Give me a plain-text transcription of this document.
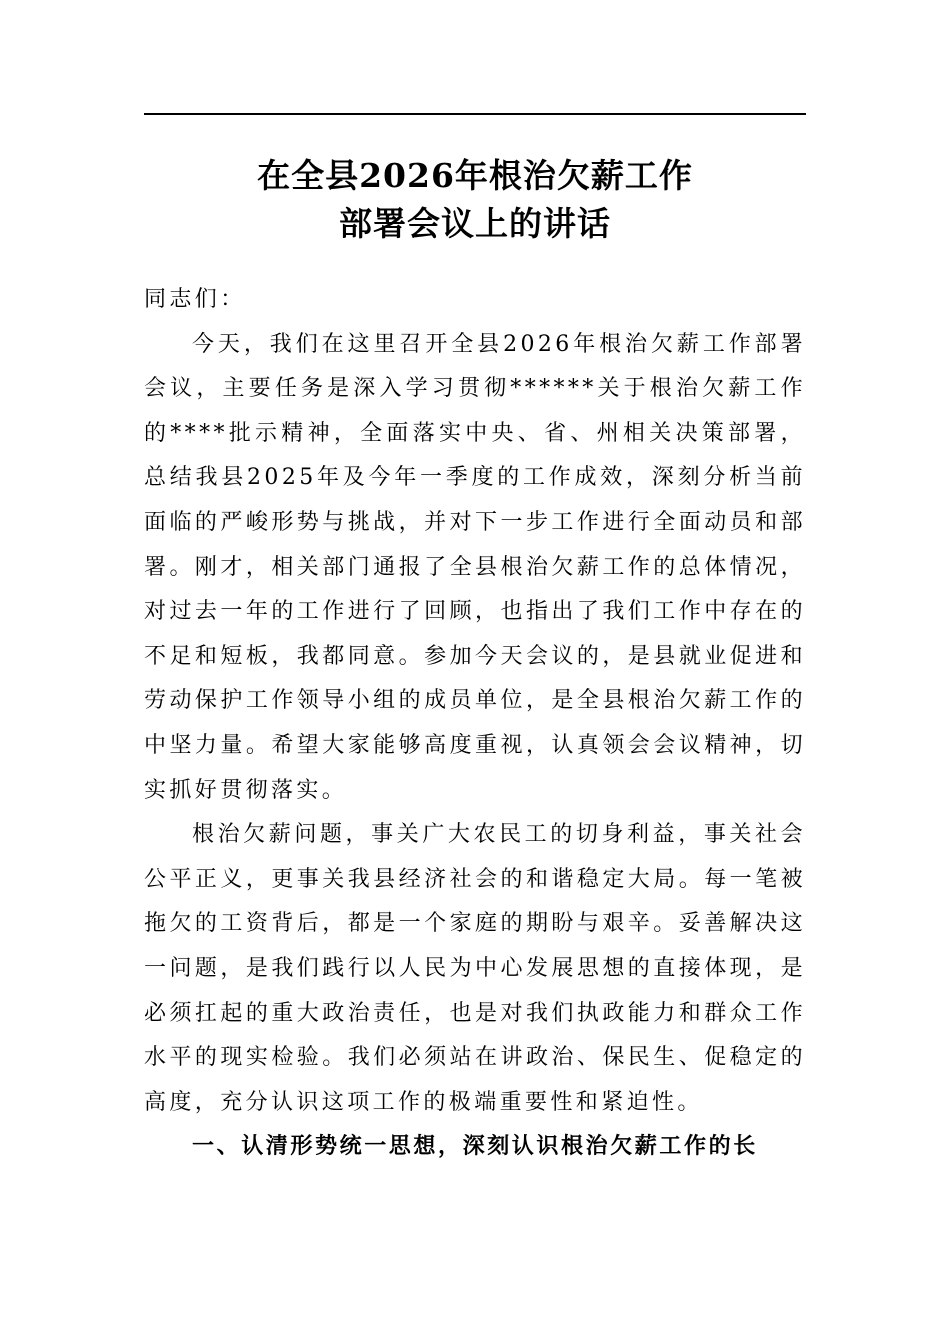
在全县2026年根治欠薪工作
部署会议上的讲话

同志们：

今天，我们在这里召开全县2026年根治欠薪工作部署会议，主要任务是深入学习贯彻******关于根治欠薪工作的****批示精神，全面落实中央、省、州相关决策部署，总结我县2025年及今年一季度的工作成效，深刻分析当前面临的严峻形势与挑战，并对下一步工作进行全面动员和部署。刚才，相关部门通报了全县根治欠薪工作的总体情况，对过去一年的工作进行了回顾，也指出了我们工作中存在的不足和短板，我都同意。参加今天会议的，是县就业促进和劳动保护工作领导小组的成员单位，是全县根治欠薪工作的中坚力量。希望大家能够高度重视，认真领会会议精神，切实抓好贯彻落实。

根治欠薪问题，事关广大农民工的切身利益，事关社会公平正义，更事关我县经济社会的和谐稳定大局。每一笔被拖欠的工资背后，都是一个家庭的期盼与艰辛。妥善解决这一问题，是我们践行以人民为中心发展思想的直接体现，是必须扛起的重大政治责任，也是对我们执政能力和群众工作水平的现实检验。我们必须站在讲政治、保民生、促稳定的高度，充分认识这项工作的极端重要性和紧迫性。

一、认清形势统一思想，深刻认识根治欠薪工作的长
